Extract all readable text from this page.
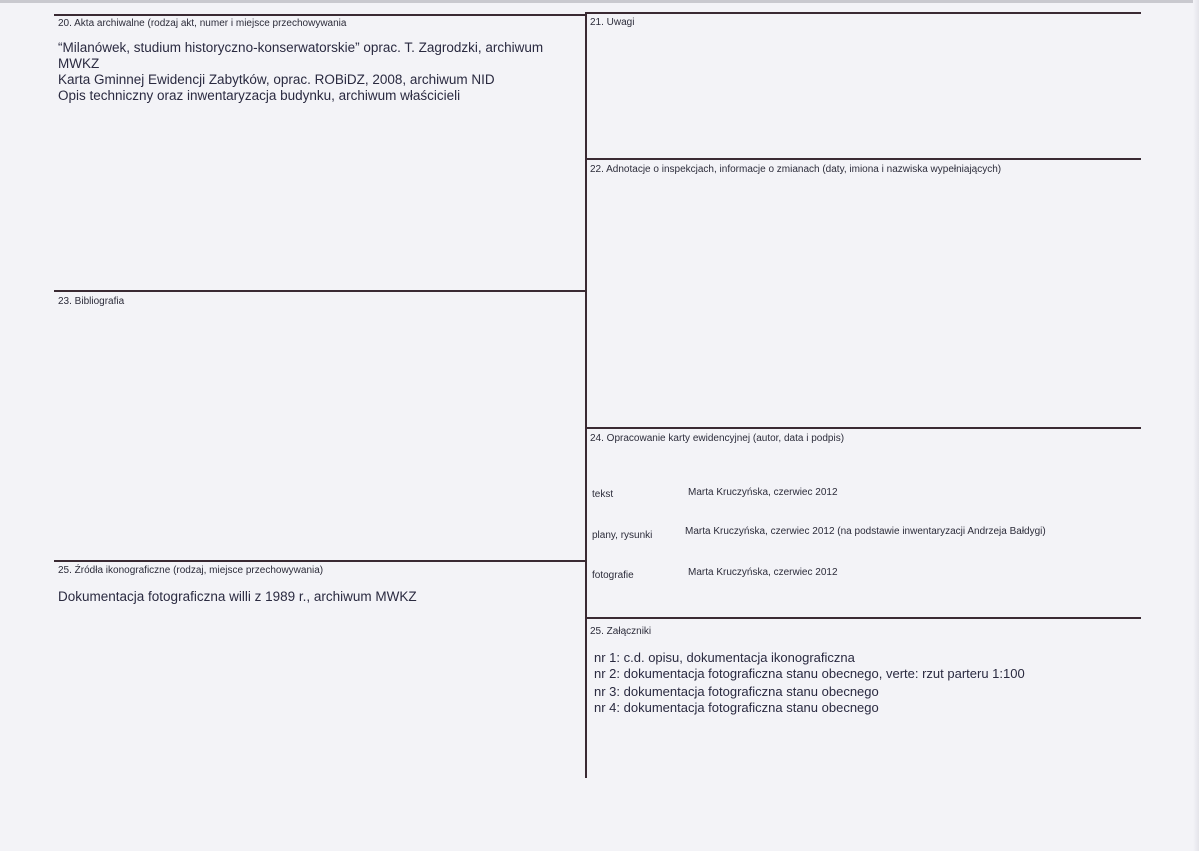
20. Akta archiwalne (rodzaj akt, numer i miejsce przechowywania
“Milanówek, studium historyczno-konserwatorskie” oprac. T. Zagrodzki, archiwum MWKZ
Karta Gminnej Ewidencji Zabytków, oprac. ROBiDZ, 2008, archiwum NID
Opis techniczny oraz inwentaryzacja budynku, archiwum właścicieli
21. Uwagi
22. Adnotacje o inspekcjach, informacje o zmianach (daty, imiona i nazwiska wypełniających)
23. Bibliografia
24. Opracowanie karty ewidencyjnej (autor, data i podpis)
tekst	Marta Kruczyńska, czerwiec 2012
plany, rysunki	Marta Kruczyńska, czerwiec 2012 (na podstawie inwentaryzacji Andrzeja Bałdygi)
fotografie	Marta Kruczyńska, czerwiec 2012
25. Źródła ikonograficzne (rodzaj, miejsce przechowywania)
Dokumentacja fotograficzna willi z 1989 r., archiwum MWKZ
25. Załączniki
nr 1: c.d. opisu, dokumentacja ikonograficzna
nr 2: dokumentacja fotograficzna stanu obecnego, verte: rzut parteru 1:100
nr 3: dokumentacja fotograficzna stanu obecnego
nr 4: dokumentacja fotograficzna stanu obecnego
